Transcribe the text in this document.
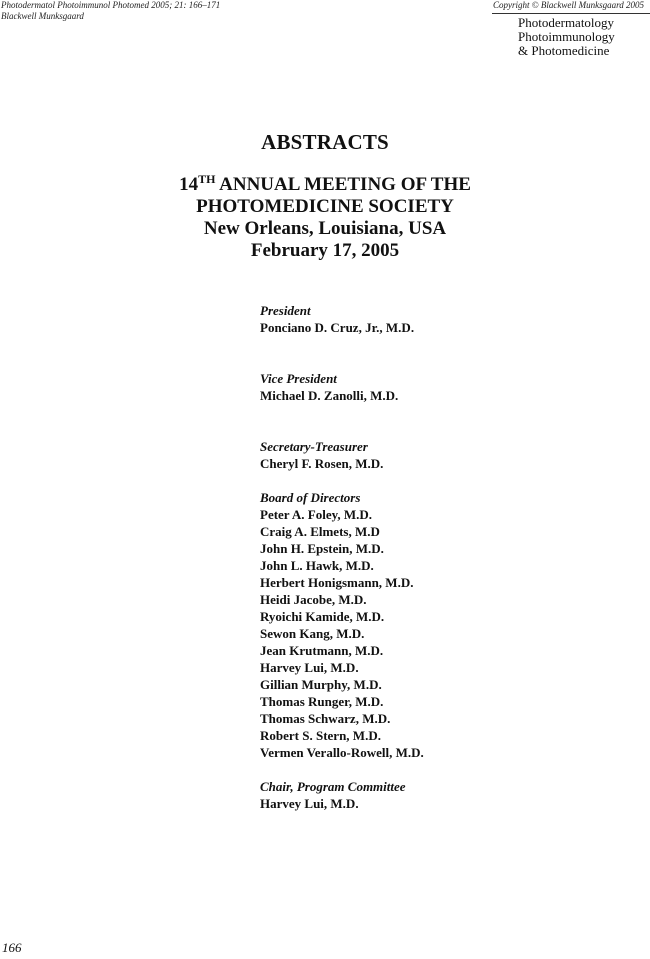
Photodermatol Photoimmunol Photomed 2005; 21: 166–171
Blackwell Munksgaard
Copyright © Blackwell Munksgaard 2005
Photodermatology
Photoimmunology
& Photomedicine
ABSTRACTS
14TH ANNUAL MEETING OF THE
PHOTOMEDICINE SOCIETY
New Orleans, Louisiana, USA
February 17, 2005
President
Ponciano D. Cruz, Jr., M.D.
Vice President
Michael D. Zanolli, M.D.
Secretary-Treasurer
Cheryl F. Rosen, M.D.
Board of Directors
Peter A. Foley, M.D.
Craig A. Elmets, M.D
John H. Epstein, M.D.
John L. Hawk, M.D.
Herbert Honigsmann, M.D.
Heidi Jacobe, M.D.
Ryoichi Kamide, M.D.
Sewon Kang, M.D.
Jean Krutmann, M.D.
Harvey Lui, M.D.
Gillian Murphy, M.D.
Thomas Runger, M.D.
Thomas Schwarz, M.D.
Robert S. Stern, M.D.
Vermen Verallo-Rowell, M.D.
Chair, Program Committee
Harvey Lui, M.D.
166
